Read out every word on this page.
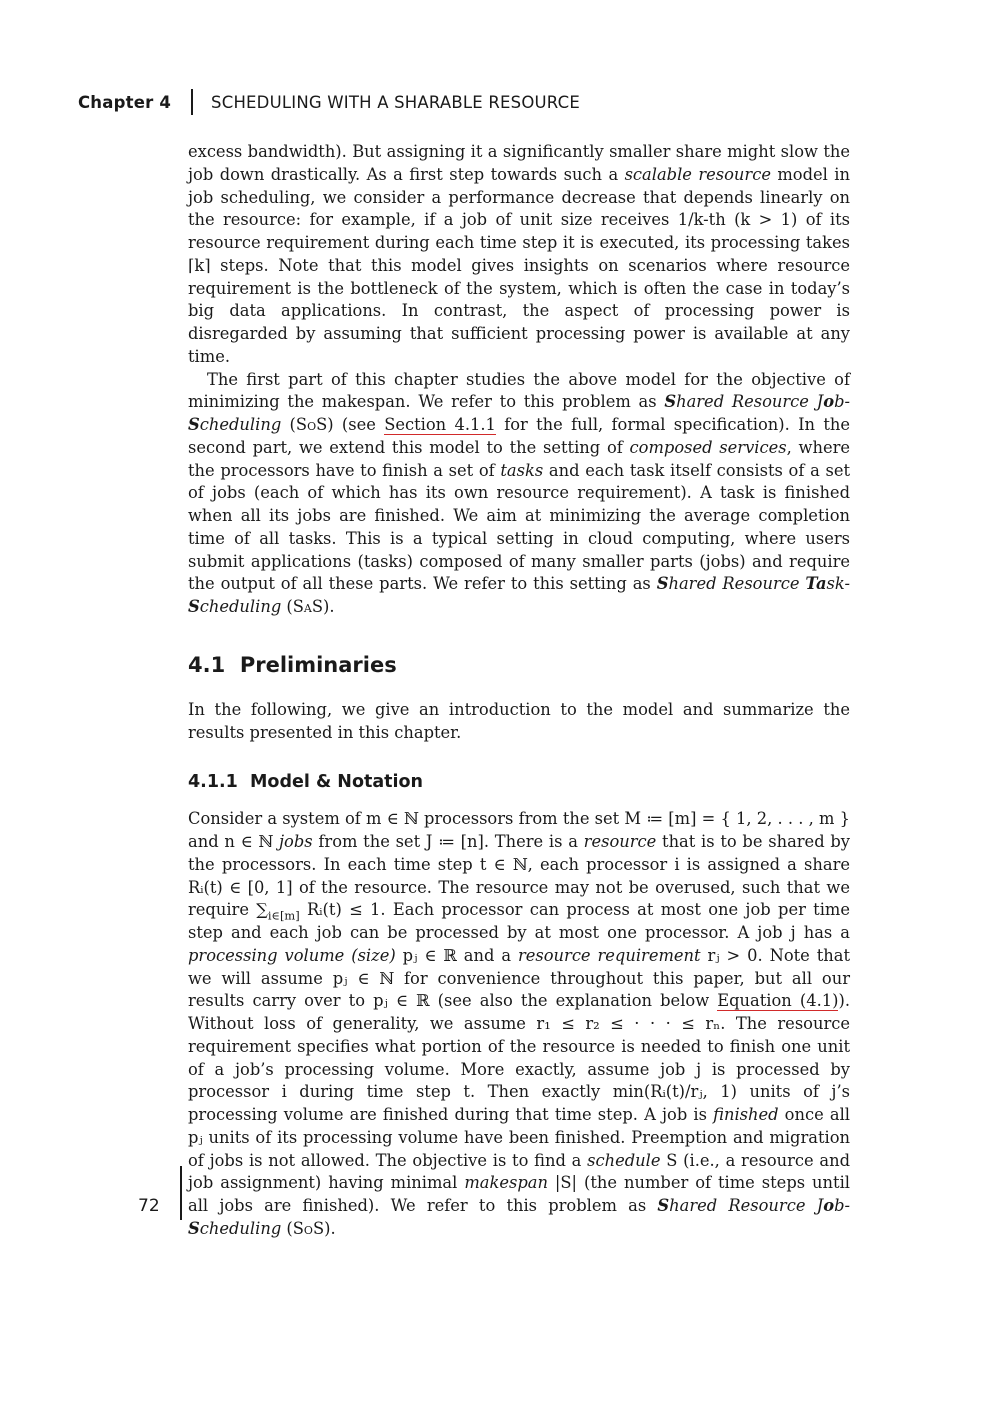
Chapter 4 SCHEDULING WITH A SHARABLE RESOURCE

excess bandwidth). But assigning it a significantly smaller share might slow the job down drastically. As a first step towards such a scalable resource model in job scheduling, we consider a performance decrease that depends linearly on the resource: for example, if a job of unit size receives 1/k-th (k > 1) of its resource requirement during each time step it is executed, its processing takes ⌈k⌉ steps. Note that this model gives insights on scenarios where resource requirement is the bottleneck of the system, which is often the case in today’s big data applications. In contrast, the aspect of processing power is disregarded by assuming that sufficient processing power is available at any time.

The first part of this chapter studies the above model for the objective of minimizing the makespan. We refer to this problem as Shared Resource Job-Scheduling (SoS) (see Section 4.1.1 for the full, formal specification). In the second part, we extend this model to the setting of composed services, where the processors have to finish a set of tasks and each task itself consists of a set of jobs (each of which has its own resource requirement). A task is finished when all its jobs are finished. We aim at minimizing the average completion time of all tasks. This is a typical setting in cloud computing, where users submit applications (tasks) composed of many smaller parts (jobs) and require the output of all these parts. We refer to this setting as Shared Resource Task-Scheduling (SaS).

4.1 Preliminaries

In the following, we give an introduction to the model and summarize the results presented in this chapter.

4.1.1 Model & Notation

Consider a system of m ∈ ℕ processors from the set M ≔ [m] = { 1, 2, . . . , m } and n ∈ ℕ jobs from the set J ≔ [n]. There is a resource that is to be shared by the processors. In each time step t ∈ ℕ, each processor i is assigned a share Rᵢ(t) ∈ [0, 1] of the resource. The resource may not be overused, such that we require $\sum_{i\in[m]}$ Rᵢ(t) ≤ 1. Each processor can process at most one job per time step and each job can be processed by at most one processor. A job j has a processing volume (size) pⱼ ∈ ℝ and a resource requirement rⱼ > 0. Note that we will assume pⱼ ∈ ℕ for convenience throughout this paper, but all our results carry over to pⱼ ∈ ℝ (see also the explanation below Equation (4.1)). Without loss of generality, we assume r₁ ≤ r₂ ≤ · · · ≤ rₙ. The resource requirement specifies what portion of the resource is needed to finish one unit of a job’s processing volume. More exactly, assume job j is processed by processor i during time step t. Then exactly min(Rᵢ(t)/rⱼ, 1) units of j’s processing volume are finished during that time step. A job is finished once all pⱼ units of its processing volume have been finished. Preemption and migration of jobs is not allowed. The objective is to find a schedule S (i.e., a resource and job assignment) having minimal makespan |S| (the number of time steps until all jobs are finished). We refer to this problem as Shared Resource Job-Scheduling (SoS).

72
